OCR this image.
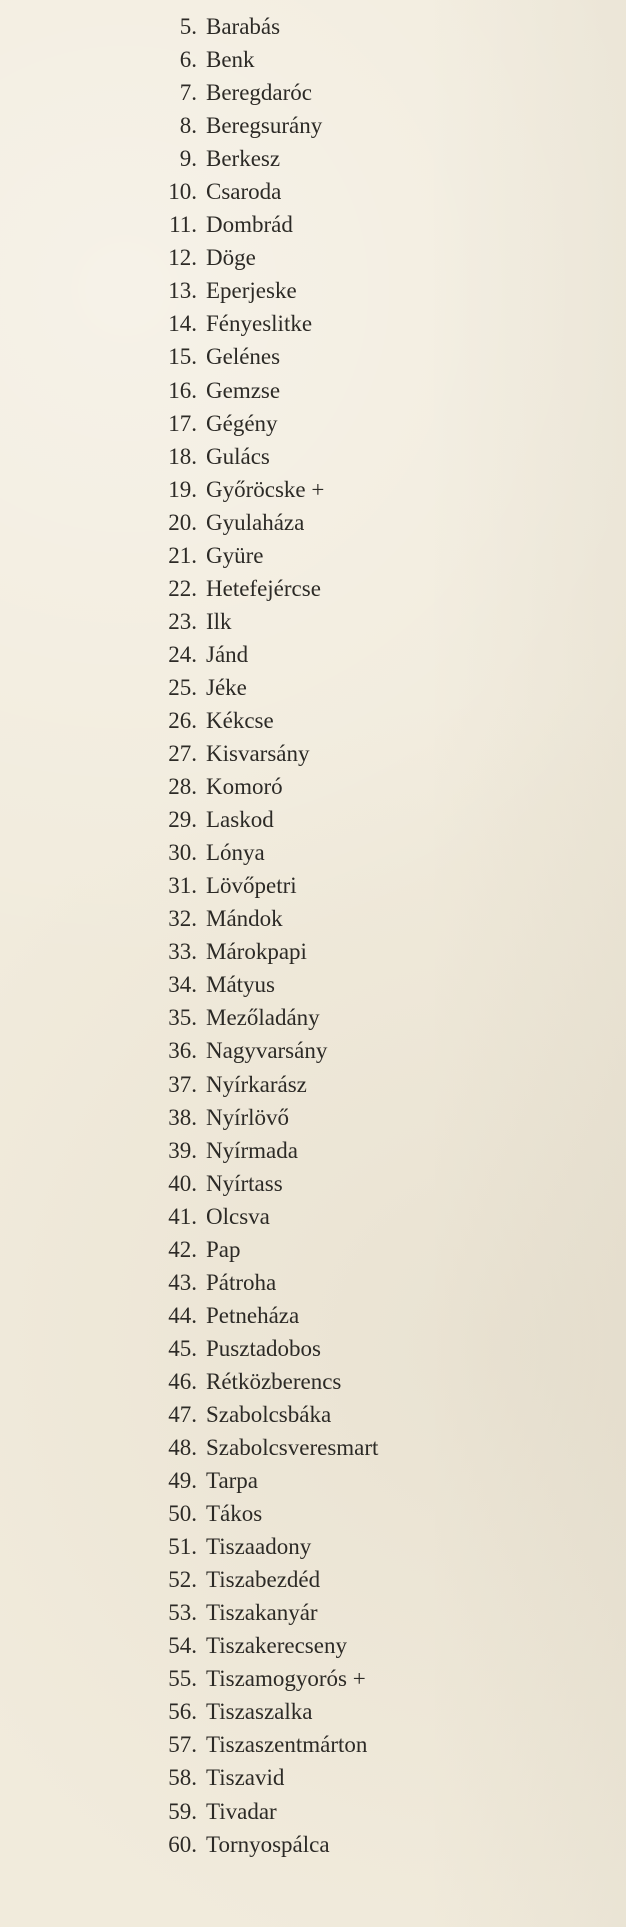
5. Barabás
6. Benk
7. Beregdaróc
8. Beregsurány
9. Berkesz
10. Csaroda
11. Dombrád
12. Döge
13. Eperjeske
14. Fényeslitke
15. Gelénes
16. Gemzse
17. Gégény
18. Gulács
19. Győröcske +
20. Gyulaháza
21. Gyüre
22. Hetefejércse
23. Ilk
24. Jánd
25. Jéke
26. Kékcse
27. Kisvarsány
28. Komoró
29. Laskod
30. Lónya
31. Lövőpetri
32. Mándok
33. Márokpapi
34. Mátyus
35. Mezőladány
36. Nagyvarsány
37. Nyírkarász
38. Nyírlövő
39. Nyírmada
40. Nyírtass
41. Olcsva
42. Pap
43. Pátroha
44. Petneháza
45. Pusztadobos
46. Rétközberencs
47. Szabolcsbáka
48. Szabolcsveresmart
49. Tarpa
50. Tákos
51. Tiszaadony
52. Tiszabezdéd
53. Tiszakanyár
54. Tiszakerecseny
55. Tiszamogyorós +
56. Tiszaszalka
57. Tiszaszentmárton
58. Tiszavid
59. Tivadar
60. Tornyospálca
